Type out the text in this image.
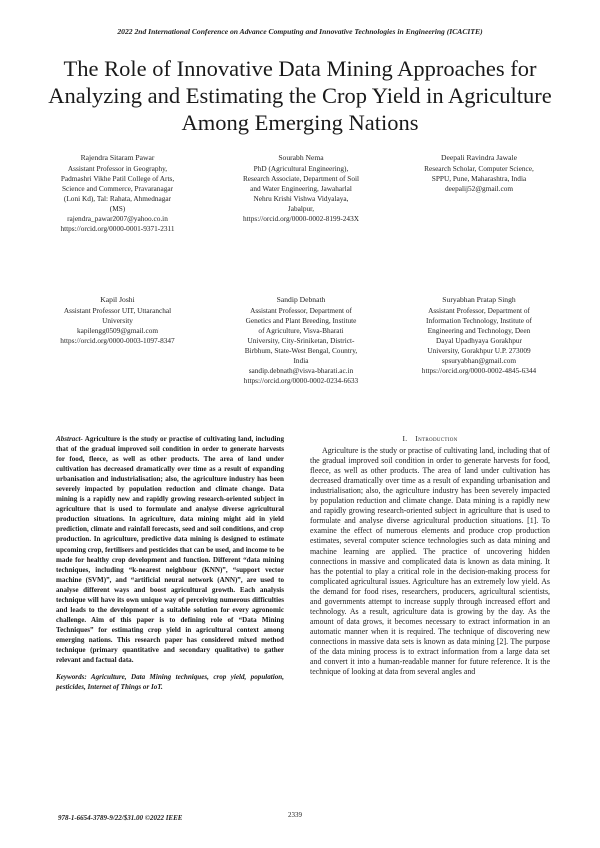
2022 2nd International Conference on Advance Computing and Innovative Technologies in Engineering (ICACITE)
The Role of Innovative Data Mining Approaches for Analyzing and Estimating the Crop Yield in Agriculture Among Emerging Nations
Rajendra Sitaram Pawar
Assistant Professor in Geography,
Padmashri Vikhe Patil College of Arts,
Science and Commerce, Pravaranagar
(Loni Kd), Tal: Rahata, Ahmednagar
(MS)
rajendra_pawar2007@yahoo.co.in
https://orcid.org/0000-0001-9371-2311
Sourabh Nema
PhD (Agricultural Engineering),
Research Associate, Department of Soil
and Water Engineering, Jawaharlal
Nehru Krishi Vishwa Vidyalaya,
Jabalpur,
https://orcid.org/0000-0002-8199-243X
Deepali Ravindra Jawale
Research Scholar, Computer Science,
SPPU, Pune, Maharashtra, India
deepalij52@gmail.com
Kapil Joshi
Assistant Professor UIT, Uttaranchal
University
kapilengg0509@gmail.com
https://orcid.org/0000-0003-1097-8347
Sandip Debnath
Assistant Professor, Department of
Genetics and Plant Breeding, Institute
of Agriculture, Visva-Bharati
University, City-Sriniketan, District-
Birbhum, State-West Bengal, Country,
India
sandip.debnath@visva-bharati.ac.in
https://orcid.org/0000-0002-0234-6633
Suryabhan Pratap Singh
Assistant Professor, Department of
Information Technology, Institute of
Engineering and Technology, Deen
Dayal Upadhyaya Gorakhpur
University, Gorakhpur U.P. 273009
spsuryabhan@gmail.com
https://orcid.org/0000-0002-4845-6344

Abstract- Agriculture is the study or practise of cultivating land, including that of the gradual improved soil condition in order to generate harvests for food, fleece, as well as other products. The area of land under cultivation has decreased dramatically over time as a result of expanding urbanisation and industrialisation; also, the agriculture industry has been severely impacted by population reduction and climate change. Data mining is a rapidly new and rapidly growing research-oriented subject in agriculture that is used to formulate and analyse diverse agricultural production situations. In agriculture, data mining might aid in yield prediction, climate and rainfall forecasts, seed and soil conditions, and crop production. In agriculture, predictive data mining is designed to estimate upcoming crop, fertilisers and pesticides that can be used, and income to be made for healthy crop development and function. Different “data mining techniques, including “k-nearest neighbour (KNN)”, “support vector machine (SVM)”, and “artificial neural network (ANN)”, are used to analyse different ways and boost agricultural growth. Each analysis technique will have its own unique way of perceiving numerous difficulties and leads to the development of a suitable solution for every agronomic challenge. Aim of this paper is to defining role of “Data Mining Techniques” for estimating crop yield in agricultural context among emerging nations. This research paper has considered mixed method technique (primary quantitative and secondary qualitative) to gather relevant and factual data.

Keywords: Agriculture, Data Mining techniques, crop yield, population, pesticides, Internet of Things or IoT.

I. Introduction

Agriculture is the study or practise of cultivating land, including that of the gradual improved soil condition in order to generate harvests for food, fleece, as well as other products. The area of land under cultivation has decreased dramatically over time as a result of expanding urbanisation and industrialisation; also, the agriculture industry has been severely impacted by population reduction and climate change. Data mining is a rapidly new and rapidly growing research-oriented subject in agriculture that is used to formulate and analyse diverse agricultural production situations. [1]. To examine the effect of numerous elements and produce crop production estimates, several computer science technologies such as data mining and machine learning are applied. The practice of uncovering hidden connections in massive and complicated data is known as data mining. It has the potential to play a critical role in the decision-making process for complicated agricultural issues. Agriculture has an extremely low yield. As the demand for food rises, researchers, producers, agricultural scientists, and governments attempt to increase supply through increased effort and technology. As a result, agriculture data is growing by the day. As the amount of data grows, it becomes necessary to extract information in an automatic manner when it is required. The technique of discovering new connections in massive data sets is known as data mining [2]. The purpose of the data mining process is to extract information from a large data set and convert it into a human-readable manner for future reference. It is the technique of looking at data from several angles and

978-1-6654-3789-9/22/$31.00 ©2022 IEEE	2339
